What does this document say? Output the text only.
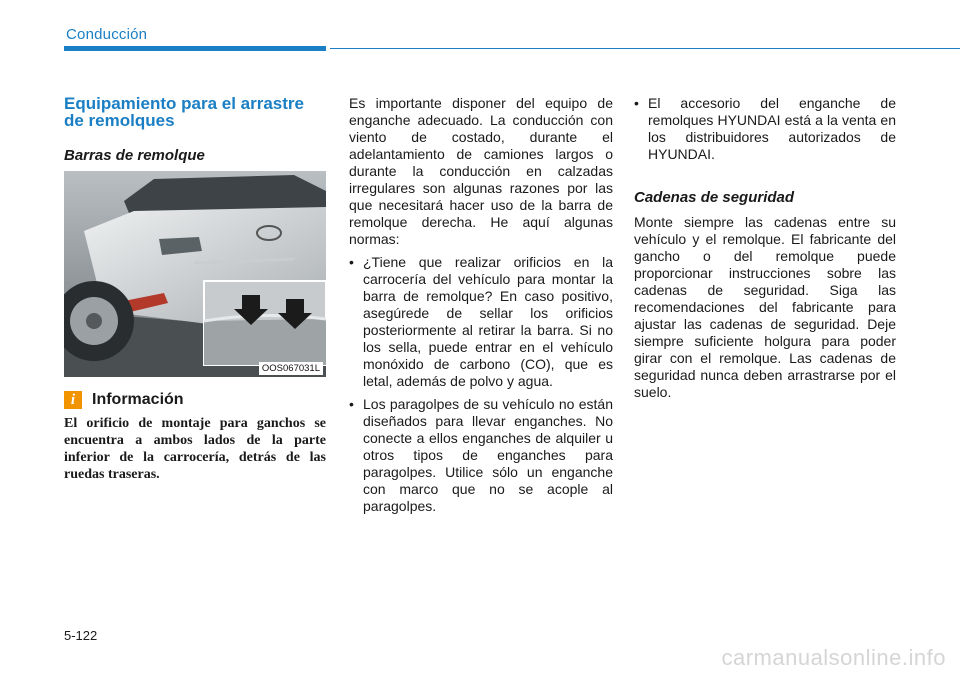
Conducción
Equipamiento para el arrastre
de remolques
Barras de remolque
OOS067031L
i	Información
El orificio de montaje para ganchos se encuentra a ambos lados de la parte inferior de la carrocería, detrás de las ruedas traseras.
Es importante disponer del equipo de enganche adecuado. La conducción con viento de costado, durante el adelantamiento de camiones largos o durante la conducción en calzadas irregulares son algunas razones por las que necesitará hacer uso de la barra de remolque derecha. He aquí algunas normas:
• ¿Tiene que realizar orificios en la carrocería del vehículo para montar la barra de remolque? En caso positivo, asegúrede de sellar los orificios posteriormente al retirar la barra. Si no los sella, puede entrar en el vehículo monóxido de carbono (CO), que es letal, además de polvo y agua.
• Los paragolpes de su vehículo no están diseñados para llevar enganches. No conecte a ellos enganches de alquiler u otros tipos de enganches para paragolpes. Utilice sólo un enganche con marco que no se acople al paragolpes.
• El accesorio del enganche de remolques HYUNDAI está a la venta en los distribuidores autorizados de HYUNDAI.
Cadenas de seguridad
Monte siempre las cadenas entre su vehículo y el remolque. El fabricante del gancho o del remolque puede proporcionar instrucciones sobre las cadenas de seguridad. Siga las recomendaciones del fabricante para ajustar las cadenas de seguridad. Deje siempre suficiente holgura para poder girar con el remolque. Las cadenas de seguridad nunca deben arrastrarse por el suelo.
5-122
carmanualsonline.info
